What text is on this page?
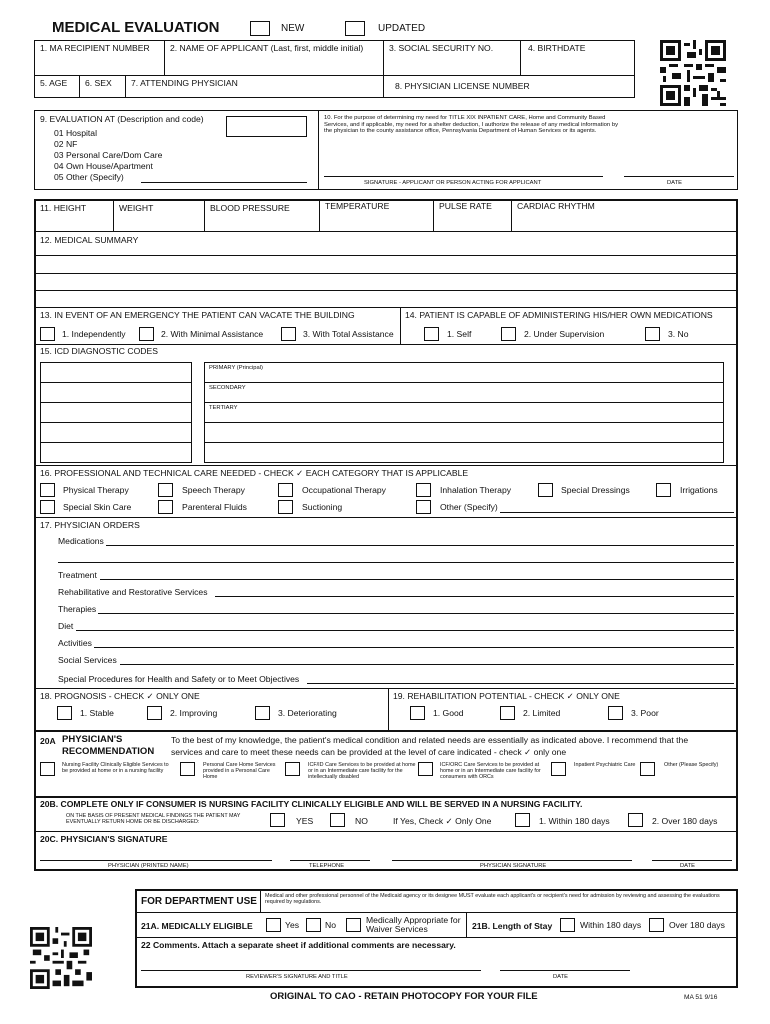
MEDICAL EVALUATION	NEW	UPDATED
1. MA RECIPIENT NUMBER 2. NAME OF APPLICANT (Last, first, middle initial)	3. SOCIAL SECURITY NO.	4. BIRTHDATE
5. AGE 6. SEX 7. ATTENDING PHYSICIAN	8. PHYSICIAN LICENSE NUMBER
9. EVALUATION AT (Description and code)
01 Hospital
02 NF
03 Personal Care/Dom Care
04 Own House/Apartment
05 Other (Specify)
10. For the purpose of determining my need for TITLE XIX INPATIENT CARE, Home and Community Based Services, and if applicable, my need for a shelter deduction, I authorize the release of any medical information by the physician to the county assistance office, Pennsylvania Department of Human Services or its agents.
SIGNATURE - APPLICANT OR PERSON ACTING FOR APPLICANT	DATE
11. HEIGHT	WEIGHT	BLOOD PRESSURE	TEMPERATURE	PULSE RATE	CARDIAC RHYTHM
12. MEDICAL SUMMARY
13. IN EVENT OF AN EMERGENCY THE PATIENT CAN VACATE THE BUILDING
1. Independently	2. With Minimal Assistance	3. With Total Assistance
14. PATIENT IS CAPABLE OF ADMINISTERING HIS/HER OWN MEDICATIONS
1. Self	2. Under Supervision	3. No
15. ICD DIAGNOSTIC CODES
PRIMARY (Principal)
SECONDARY
TERTIARY
16. PROFESSIONAL AND TECHNICAL CARE NEEDED - CHECK ✓ EACH CATEGORY THAT IS APPLICABLE
Physical Therapy	Speech Therapy	Occupational Therapy	Inhalation Therapy	Special Dressings	Irrigations
Special Skin Care	Parenteral Fluids	Suctioning	Other (Specify)
17. PHYSICIAN ORDERS
Medications
Treatment
Rehabilitative and Restorative Services
Therapies
Diet
Activities
Social Services
Special Procedures for Health and Safety or to Meet Objectives
18. PROGNOSIS - CHECK ✓ ONLY ONE
1. Stable	2. Improving	3. Deteriorating
19. REHABILITATION POTENTIAL - CHECK ✓ ONLY ONE
1. Good	2. Limited	3. Poor
20A PHYSICIAN'S
RECOMMENDATION
To the best of my knowledge, the patient's medical condition and related needs are essentially as indicated above. I recommend that the
services and care to meet these needs can be provided at the level of care indicated - check ✓ only one
Nursing Facility Clinically Eligible Services to be provided at home or in a nursing facility
Personal Care Home Services provided in a Personal Care Home
ICF/ID Care Services to be provided at home or in an Intermediate care facility for the intellectually disabled
ICF/ORC Care Services to be provided at home or in an Intermediate care facility for consumers with ORCs
Inpatient Psychiatric Care	Other (Please Specify)
20B. COMPLETE ONLY IF CONSUMER IS NURSING FACILITY CLINICALLY ELIGIBLE AND WILL BE SERVED IN A NURSING FACILITY.
ON THE BASIS OF PRESENT MEDICAL FINDINGS THE PATIENT MAY EVENTUALLY RETURN HOME OR BE DISCHARGED:	YES	NO	If Yes, Check ✓ Only One	1. Within 180 days	2. Over 180 days
20C. PHYSICIAN'S SIGNATURE
PHYSICIAN (PRINTED NAME)	TELEPHONE	PHYSICIAN SIGNATURE	DATE
FOR DEPARTMENT USE Medical and other professional personnel of the Medicaid agency or its designee MUST evaluate each applicant's or recipient's need for admission by reviewing and assessing the evaluations required by regulations.
21A. MEDICALLY ELIGIBLE	Yes	No	Medically Appropriate for Waiver Services	21B. Length of Stay	Within 180 days	Over 180 days
22 Comments. Attach a separate sheet if additional comments are necessary.
REVIEWER'S SIGNATURE AND TITLE	DATE
ORIGINAL TO CAO - RETAIN PHOTOCOPY FOR YOUR FILE	MA 51 9/16
